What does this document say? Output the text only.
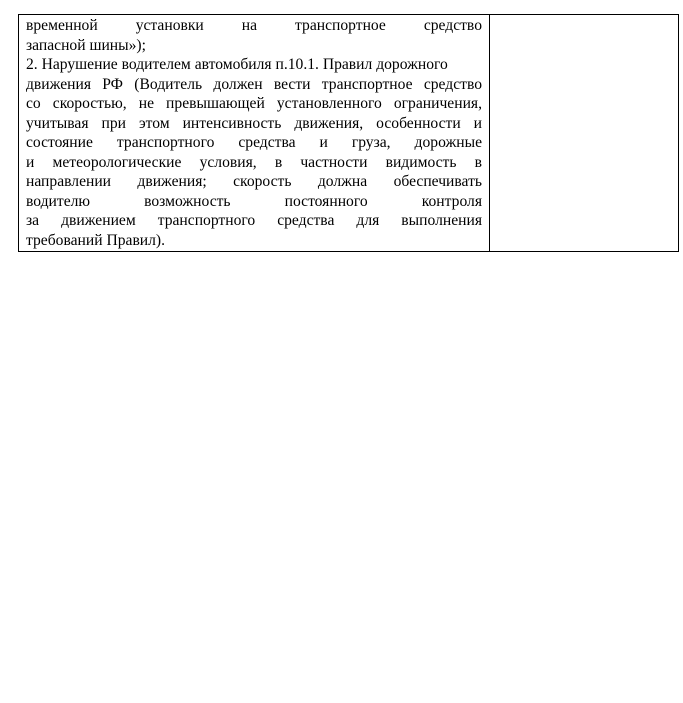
временной установки на транспортное средство
запасной шины»);

2. Нарушение водителем автомобиля п.10.1. Правил дорожного
движения РФ (Водитель должен вести транспортное средство
со скоростью, не превышающей установленного ограничения,
учитывая при этом интенсивность движения, особенности и
состояние транспортного средства и груза, дорожные
и метеорологические условия, в частности видимость в
направлении движения; скорость должна обеспечивать
водителю возможность постоянного контроля
за движением транспортного средства для выполнения
требований Правил).
